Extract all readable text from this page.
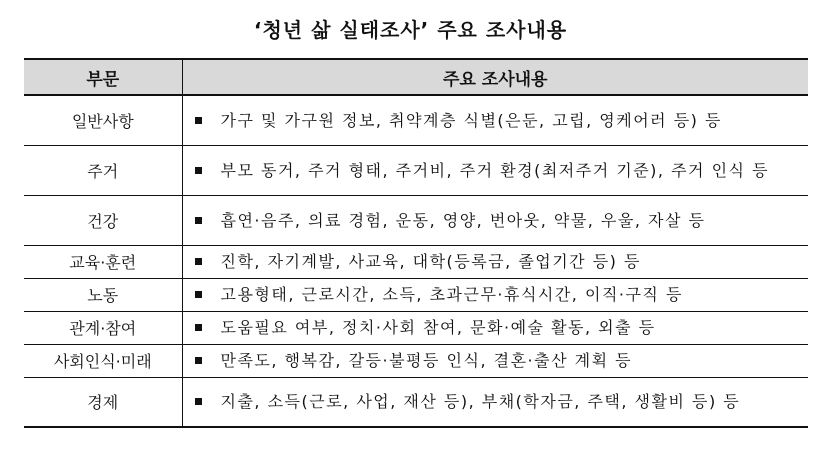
‘청년 삶 실태조사’ 주요 조사내용
부문	주요 조사내용
일반사항	가구 및 가구원 정보, 취약계층 식별(은둔, 고립, 영케어러 등) 등

주거	부모 동거, 주거 형태, 주거비, 주거 환경(최저주거 기준), 주거 인식 등

건강	흡연·음주, 의료 경험, 운동, 영양, 번아웃, 약물, 우울, 자살 등

교육·훈련	진학, 자기계발, 사교육, 대학(등록금, 졸업기간 등) 등

노동	고용형태, 근로시간, 소득, 초과근무·휴식시간, 이직·구직 등

관계·참여	도움필요 여부, 정치·사회 참여, 문화·예술 활동, 외출 등

사회인식·미래	만족도, 행복감, 갈등·불평등 인식, 결혼·출산 계획 등

경제	지출, 소득(근로, 사업, 재산 등), 부채(학자금, 주택, 생활비 등) 등
